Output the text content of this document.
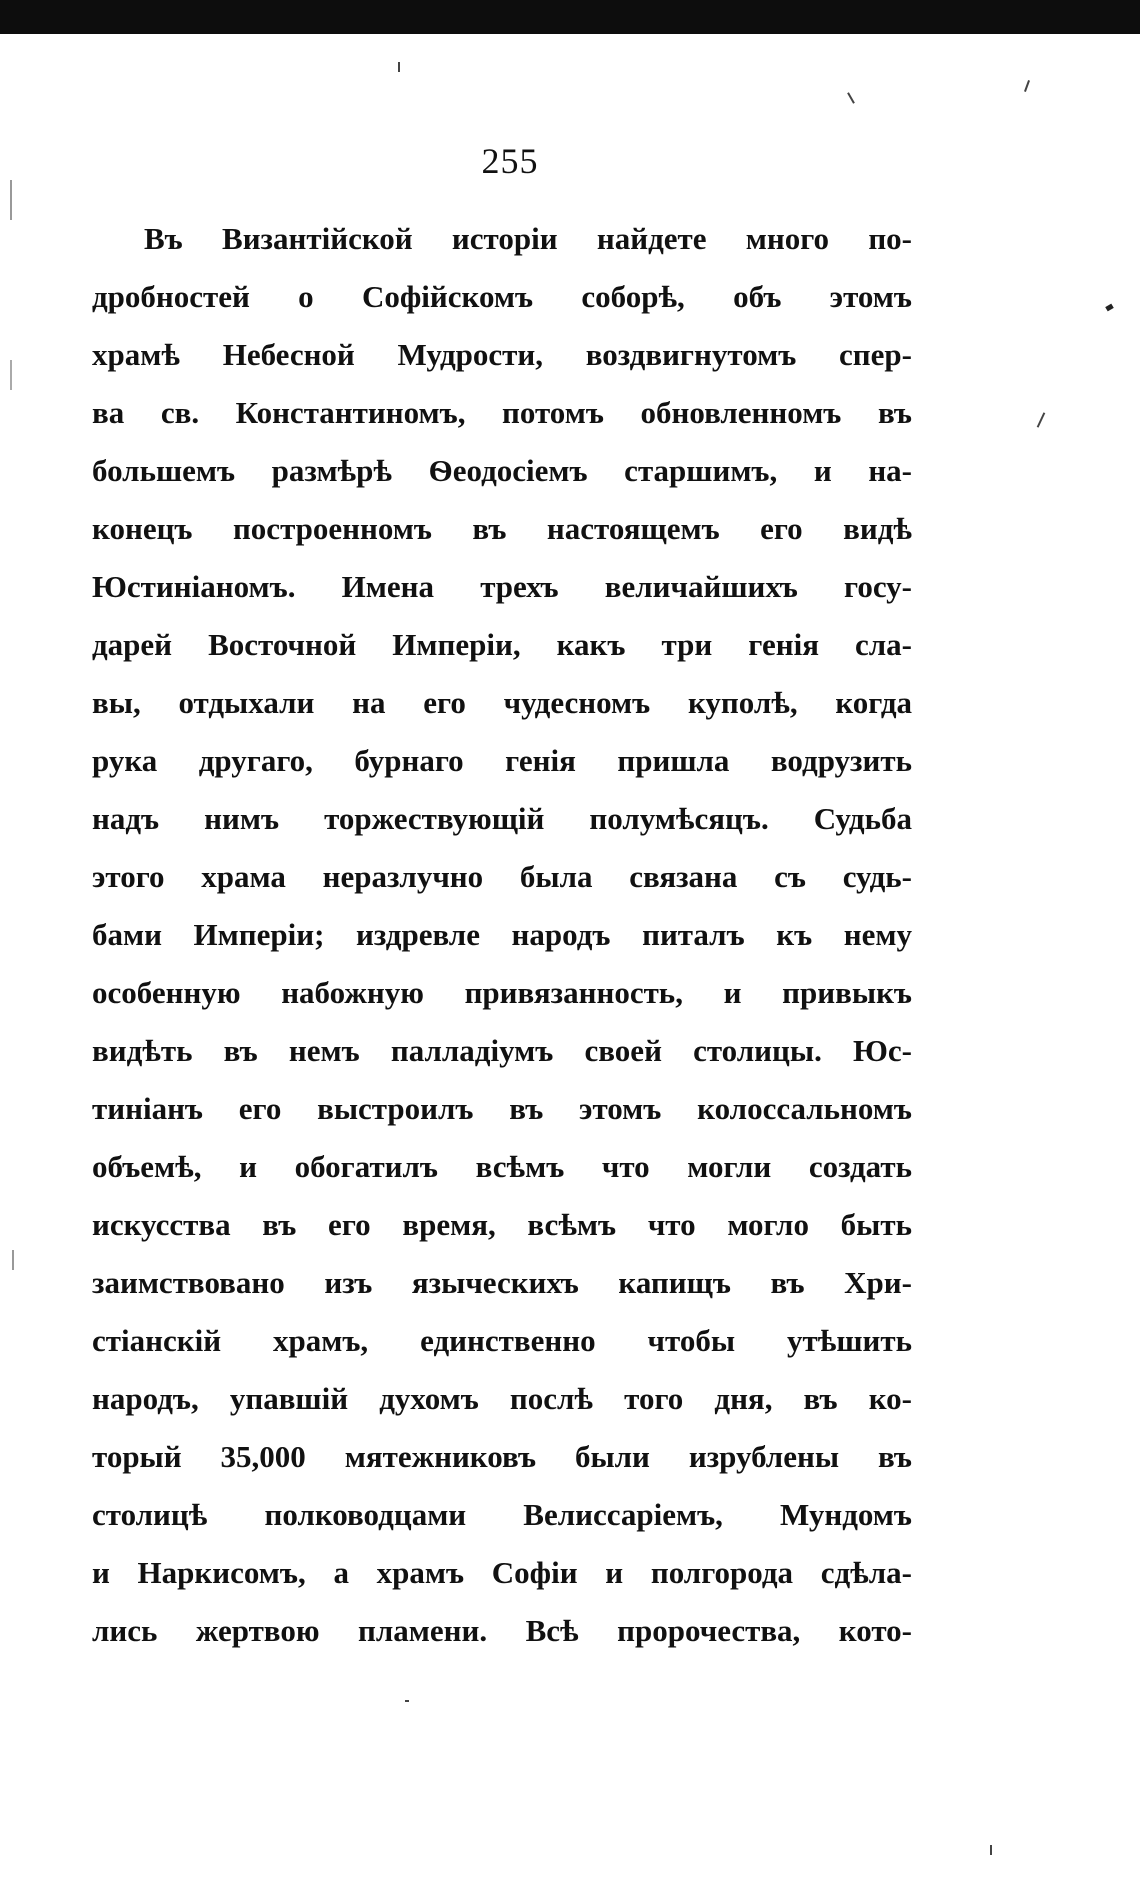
255
Въ Византійской исторіи найдете много по-
дробностей о Софійскомъ соборѣ, объ этомъ
храмѣ Небесной Мудрости, воздвигнутомъ спер-
ва св. Константиномъ, потомъ обновленномъ въ
большемъ размѣрѣ Ѳеодосіемъ старшимъ, и на-
конецъ построенномъ въ настоящемъ его видѣ
Юстиніаномъ. Имена трехъ величайшихъ госу-
дарей Восточной Имперіи, какъ три генія сла-
вы, отдыхали на его чудесномъ куполѣ, когда
рука другаго, бурнаго генія пришла водрузить
надъ нимъ торжествующій полумѣсяцъ. Судьба
этого храма неразлучно была связана съ судь-
бами Имперіи; издревле народъ питалъ къ нему
особенную набожную привязанность, и привыкъ
видѣть въ немъ палладіумъ своей столицы. Юс-
тиніанъ его выстроилъ въ этомъ колоссальномъ
объемѣ, и обогатилъ всѣмъ что могли создать
искусства въ его время, всѣмъ что могло быть
заимствовано изъ языческихъ капищъ въ Хри-
стіанскій храмъ, единственно чтобы утѣшить
народъ, упавшій духомъ послѣ того дня, въ ко-
торый 35,000 мятежниковъ были изрублены въ
столицѣ полководцами Велиссаріемъ, Мундомъ
и Наркисомъ, а храмъ Софіи и полгорода сдѣла-
лись жертвою пламени. Всѣ пророчества, кото-
